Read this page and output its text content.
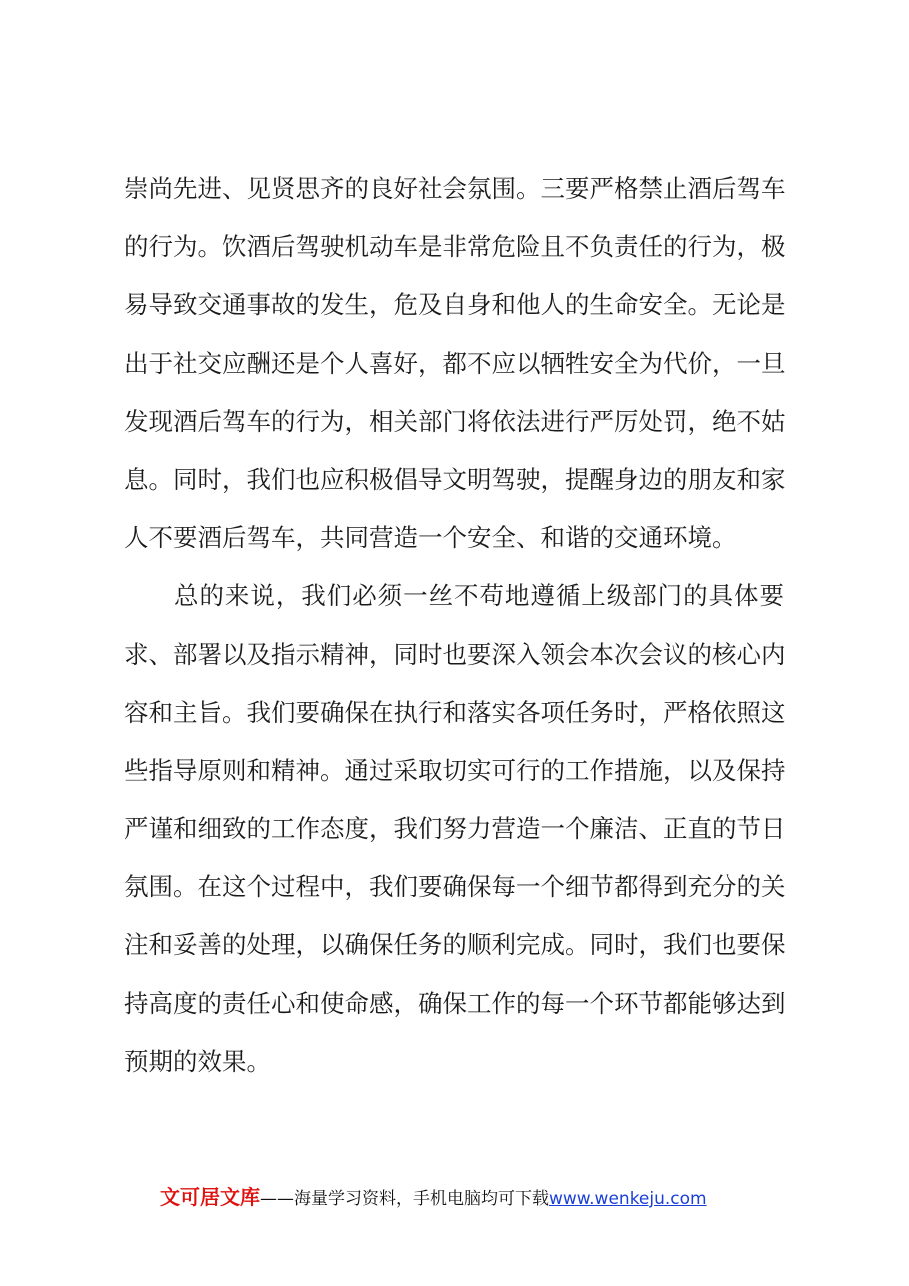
崇尚先进、见贤思齐的良好社会氛围。三要严格禁止酒后驾车
的行为。饮酒后驾驶机动车是非常危险且不负责任的行为，极
易导致交通事故的发生，危及自身和他人的生命安全。无论是
出于社交应酬还是个人喜好，都不应以牺牲安全为代价，一旦
发现酒后驾车的行为，相关部门将依法进行严厉处罚，绝不姑
息。同时，我们也应积极倡导文明驾驶，提醒身边的朋友和家
人不要酒后驾车，共同营造一个安全、和谐的交通环境。
总的来说，我们必须一丝不苟地遵循上级部门的具体要
求、部署以及指示精神，同时也要深入领会本次会议的核心内
容和主旨。我们要确保在执行和落实各项任务时，严格依照这
些指导原则和精神。通过采取切实可行的工作措施，以及保持
严谨和细致的工作态度，我们努力营造一个廉洁、正直的节日
氛围。在这个过程中，我们要确保每一个细节都得到充分的关
注和妥善的处理，以确保任务的顺利完成。同时，我们也要保
持高度的责任心和使命感，确保工作的每一个环节都能够达到
预期的效果。
文可居文库——海量学习资料，手机电脑均可下载www.wenkeju.com
